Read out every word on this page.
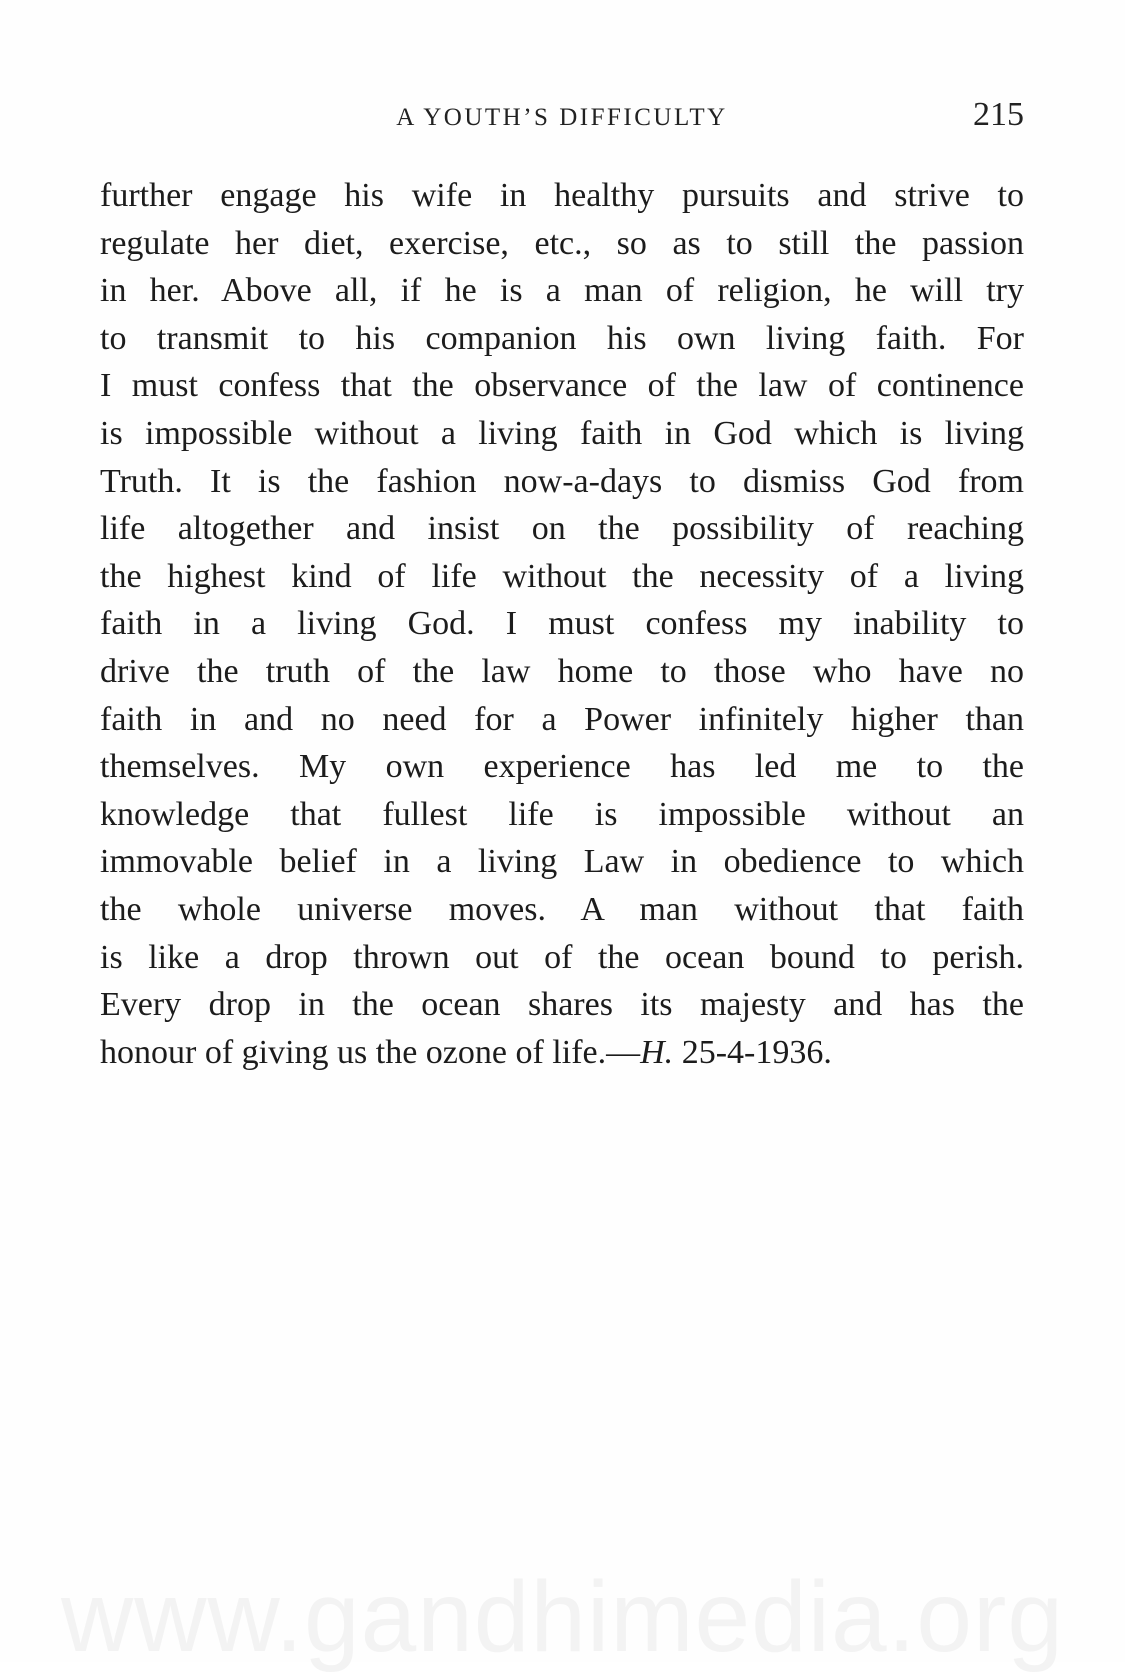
A YOUTH’S DIFFICULTY	215
further engage his wife in healthy pursuits and strive to
regulate her diet, exercise, etc., so as to still the passion
in her. Above all, if he is a man of religion, he will try
to transmit to his companion his own living faith. For
I must confess that the observance of the law of continence
is impossible without a living faith in God which is living
Truth. It is the fashion now-a-days to dismiss God from
life altogether and insist on the possibility of reaching
the highest kind of life without the necessity of a living
faith in a living God. I must confess my inability to
drive the truth of the law home to those who have no
faith in and no need for a Power infinitely higher than
themselves. My own experience has led me to the
knowledge that fullest life is impossible without an
immovable belief in a living Law in obedience to which
the whole universe moves. A man without that faith
is like a drop thrown out of the ocean bound to perish.
Every drop in the ocean shares its majesty and has the
honour of giving us the ozone of life.—H. 25-4-1936.
www.gandhimedia.org
